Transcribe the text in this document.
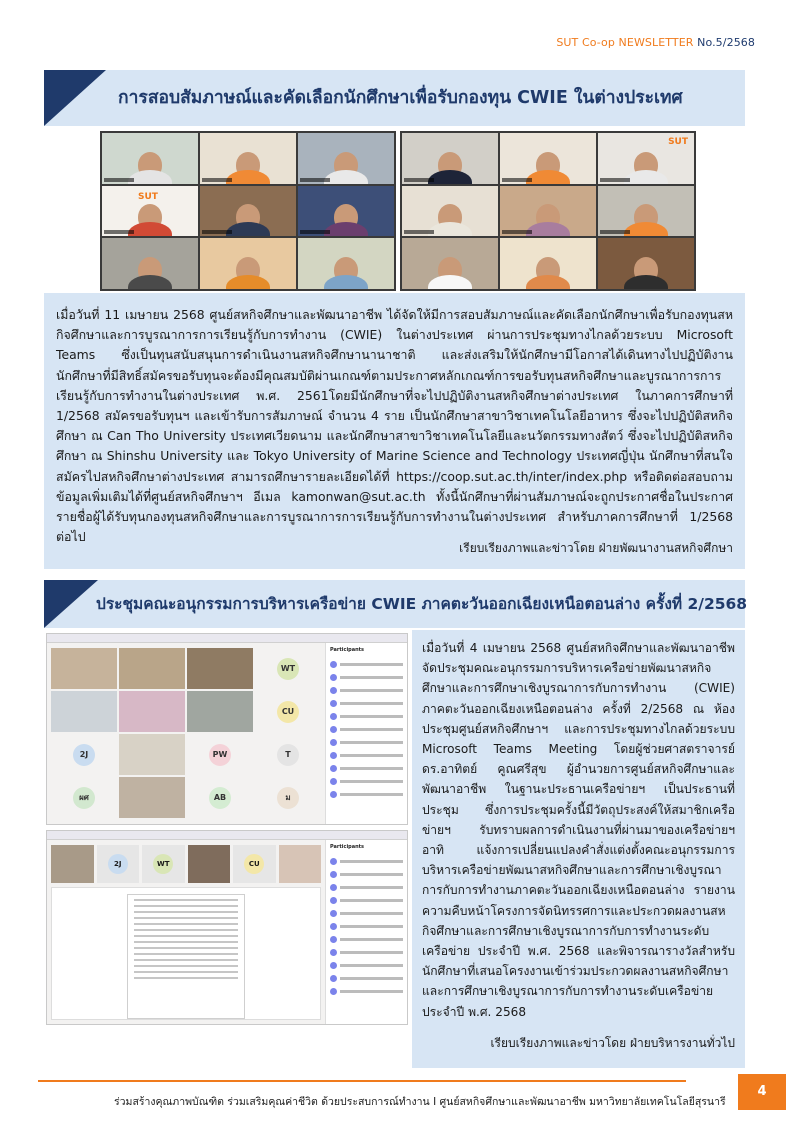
SUT Co-op NEWSLETTER No.5/2568
การสอบสัมภาษณ์และคัดเลือกนักศึกษาเพื่อรับกองทุน CWIE ในต่างประเทศ
SUT
SUT

เมื่อวันที่ 11 เมษายน 2568 ศูนย์สหกิจศึกษาและพัฒนาอาชีพ ได้จัดให้มีการสอบสัมภาษณ์และคัดเลือกนักศึกษาเพื่อรับกองทุนสหกิจศึกษาและการบูรณาการการเรียนรู้กับการทำงาน (CWIE) ในต่างประเทศ ผ่านการประชุมทางไกลด้วยระบบ Microsoft Teams ซึ่งเป็นทุนสนับสนุนการดำเนินงานสหกิจศึกษานานาชาติ และส่งเสริมให้นักศึกษามีโอกาสได้เดินทางไปปฏิบัติงาน นักศึกษาที่มีสิทธิ์สมัครขอรับทุนจะต้องมีคุณสมบัติผ่านเกณฑ์ตามประกาศหลักเกณฑ์การขอรับทุนสหกิจศึกษาและบูรณาการการเรียนรู้กับการทำงานในต่างประเทศ พ.ศ. 2561โดยมีนักศึกษาที่จะไปปฏิบัติงานสหกิจศึกษาต่างประเทศ ในภาคการศึกษาที่ 1/2568 สมัครขอรับทุนฯ และเข้ารับการสัมภาษณ์ จำนวน 4 ราย เป็นนักศึกษาสาขาวิชาเทคโนโลยีอาหาร ซึ่งจะไปปฏิบัติสหกิจศึกษา ณ Can Tho University ประเทศเวียดนาม และนักศึกษาสาขาวิชาเทคโนโลยีและนวัตกรรมทางสัตว์ ซึ่งจะไปปฏิบัติสหกิจศึกษา ณ Shinshu University และ Tokyo University of Marine Science and Technology ประเทศญี่ปุ่น นักศึกษาที่สนใจสมัครไปสหกิจศึกษาต่างประเทศ สามารถศึกษารายละเอียดได้ที่ https://coop.sut.ac.th/inter/index.php หรือติดต่อสอบถามข้อมูลเพิ่มเติมได้ที่ศูนย์สหกิจศึกษาฯ อีเมล kamonwan@sut.ac.th ทั้งนี้นักศึกษาที่ผ่านสัมภาษณ์จะถูกประกาศชื่อในประกาศรายชื่อผู้ได้รับทุนกองทุนสหกิจศึกษาและการบูรณาการการเรียนรู้กับการทำงานในต่างประเทศ สำหรับภาคการศึกษาที่ 1/2568 ต่อไป

เรียบเรียงภาพและข่าวโดย ฝ่ายพัฒนางานสหกิจศึกษา
ประชุมคณะอนุกรรมการบริหารเครือข่าย CWIE ภาคตะวันออกเฉียงเหนือตอนล่าง ครั้งที่ 2/2568
WT
CU
2J	PW	T
ผศ	AB	ม
Participants
2J	WT	CU
Participants

เมื่อวันที่ 4 เมษายน 2568 ศูนย์สหกิจศึกษาและพัฒนาอาชีพ จัดประชุมคณะอนุกรรมการบริหารเครือข่ายพัฒนาสหกิจศึกษาและการศึกษาเชิงบูรณาการกับการทำงาน (CWIE) ภาคตะวันออกเฉียงเหนือตอนล่าง ครั้งที่ 2/2568 ณ ห้องประชุมศูนย์สหกิจศึกษาฯ และการประชุมทางไกลด้วยระบบ Microsoft Teams Meeting โดยผู้ช่วยศาสตราจารย์ ดร.อาทิตย์ คูณศรีสุข ผู้อำนวยการศูนย์สหกิจศึกษาและพัฒนาอาชีพ ในฐานะประธานเครือข่ายฯ เป็นประธานที่ประชุม ซึ่งการประชุมครั้งนี้มีวัตถุประสงค์ให้สมาชิกเครือข่ายฯ รับทราบผลการดำเนินงานที่ผ่านมาของเครือข่ายฯ อาทิ แจ้งการเปลี่ยนแปลงคำสั่งแต่งตั้งคณะอนุกรรมการบริหารเครือข่ายพัฒนาสหกิจศึกษาและการศึกษาเชิงบูรณาการกับการทำงานภาคตะวันออกเฉียงเหนือตอนล่าง รายงานความคืบหน้าโครงการจัดนิทรรศการและประกวดผลงานสหกิจศึกษาและการศึกษาเชิงบูรณาการกับการทำงานระดับเครือข่าย ประจำปี พ.ศ. 2568 และพิจารณารางวัลสำหรับนักศึกษาที่เสนอโครงงานเข้าร่วมประกวดผลงานสหกิจศึกษาและการศึกษาเชิงบูรณาการกับการทำงานระดับเครือข่าย ประจำปี พ.ศ. 2568

เรียบเรียงภาพและข่าวโดย ฝ่ายบริหารงานทั่วไป
ร่วมสร้างคุณภาพบัณฑิต ร่วมเสริมคุณค่าชีวิต ด้วยประสบการณ์ทำงาน I ศูนย์สหกิจศึกษาและพัฒนาอาชีพ มหาวิทยาลัยเทคโนโลยีสุรนารี
4
